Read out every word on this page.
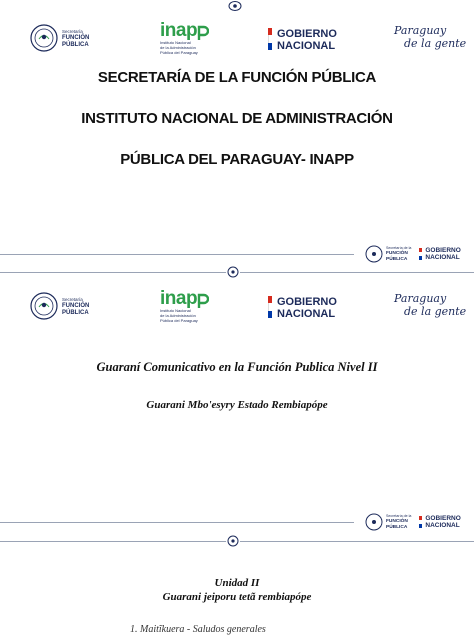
Secretaría
FUNCIÓN
PÚBLICA
inap
Instituto Nacional
de la Administración
Pública del Paraguay
GOBIERNO
NACIONAL
Paraguay
de la gente
SECRETARÍA DE LA FUNCIÓN PÚBLICA
INSTITUTO NACIONAL DE ADMINISTRACIÓN
PÚBLICA DEL PARAGUAY- INAPP
Secretaría de la
FUNCIÓN
PÚBLICA
GOBIERNO
NACIONAL
Secretaría
FUNCIÓN
PÚBLICA
inap
Instituto Nacional
de la Administración
Pública del Paraguay
GOBIERNO
NACIONAL
Paraguay
de la gente
Guaraní Comunicativo en la Función Publica Nivel II
Guarani Mbo'esyry Estado Rembiapópe
Secretaría de la
FUNCIÓN
PÚBLICA
GOBIERNO
NACIONAL
Unidad II
Guarani jeiporu tetã rembiapópe
1. Maitĩkuera - Saludos generales
